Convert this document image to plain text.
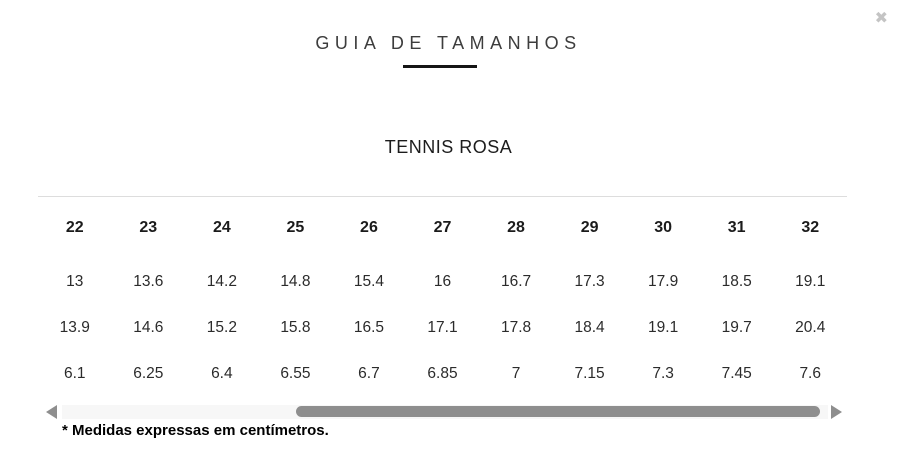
✖
GUIA DE TAMANHOS
TENNIS ROSA
22	23	24	25	26	27	28	29	30	31	32
13	13.6	14.2	14.8	15.4	16	16.7	17.3	17.9	18.5	19.1
13.9	14.6	15.2	15.8	16.5	17.1	17.8	18.4	19.1	19.7	20.4
6.1	6.25	6.4	6.55	6.7	6.85	7	7.15	7.3	7.45	7.6

* Medidas expressas em centímetros.
